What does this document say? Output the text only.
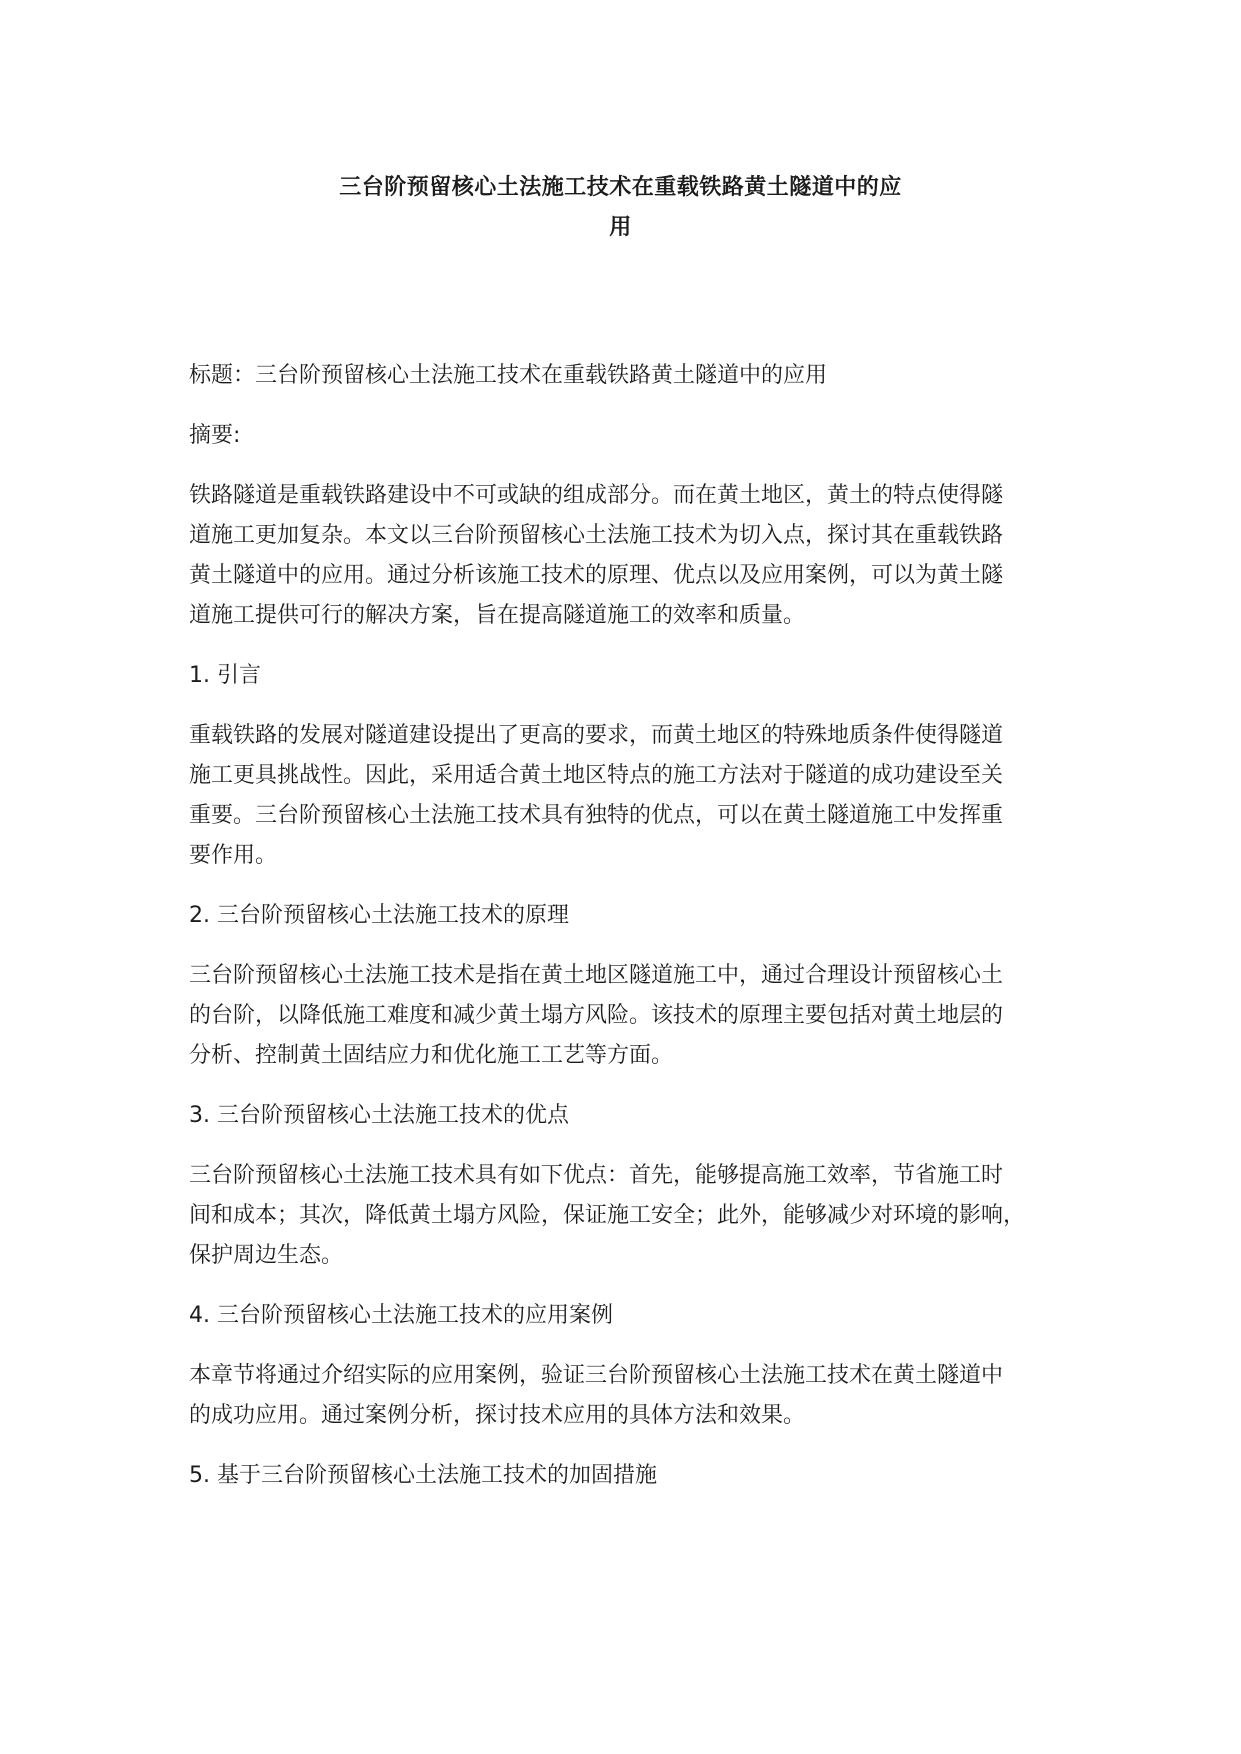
三台阶预留核心土法施工技术在重载铁路黄土隧道中的应
用

标题：三台阶预留核心土法施工技术在重载铁路黄土隧道中的应用

摘要:

铁路隧道是重载铁路建设中不可或缺的组成部分。而在黄土地区，黄土的特点使得隧
道施工更加复杂。本文以三台阶预留核心土法施工技术为切入点，探讨其在重载铁路
黄土隧道中的应用。通过分析该施工技术的原理、优点以及应用案例，可以为黄土隧
道施工提供可行的解决方案，旨在提高隧道施工的效率和质量。

1. 引言

重载铁路的发展对隧道建设提出了更高的要求，而黄土地区的特殊地质条件使得隧道
施工更具挑战性。因此，采用适合黄土地区特点的施工方法对于隧道的成功建设至关
重要。三台阶预留核心土法施工技术具有独特的优点，可以在黄土隧道施工中发挥重
要作用。

2. 三台阶预留核心土法施工技术的原理

三台阶预留核心土法施工技术是指在黄土地区隧道施工中，通过合理设计预留核心土
的台阶，以降低施工难度和减少黄土塌方风险。该技术的原理主要包括对黄土地层的
分析、控制黄土固结应力和优化施工工艺等方面。

3. 三台阶预留核心土法施工技术的优点

三台阶预留核心土法施工技术具有如下优点：首先，能够提高施工效率，节省施工时
间和成本；其次，降低黄土塌方风险，保证施工安全；此外，能够减少对环境的影响，
保护周边生态。

4. 三台阶预留核心土法施工技术的应用案例

本章节将通过介绍实际的应用案例，验证三台阶预留核心土法施工技术在黄土隧道中
的成功应用。通过案例分析，探讨技术应用的具体方法和效果。

5. 基于三台阶预留核心土法施工技术的加固措施
